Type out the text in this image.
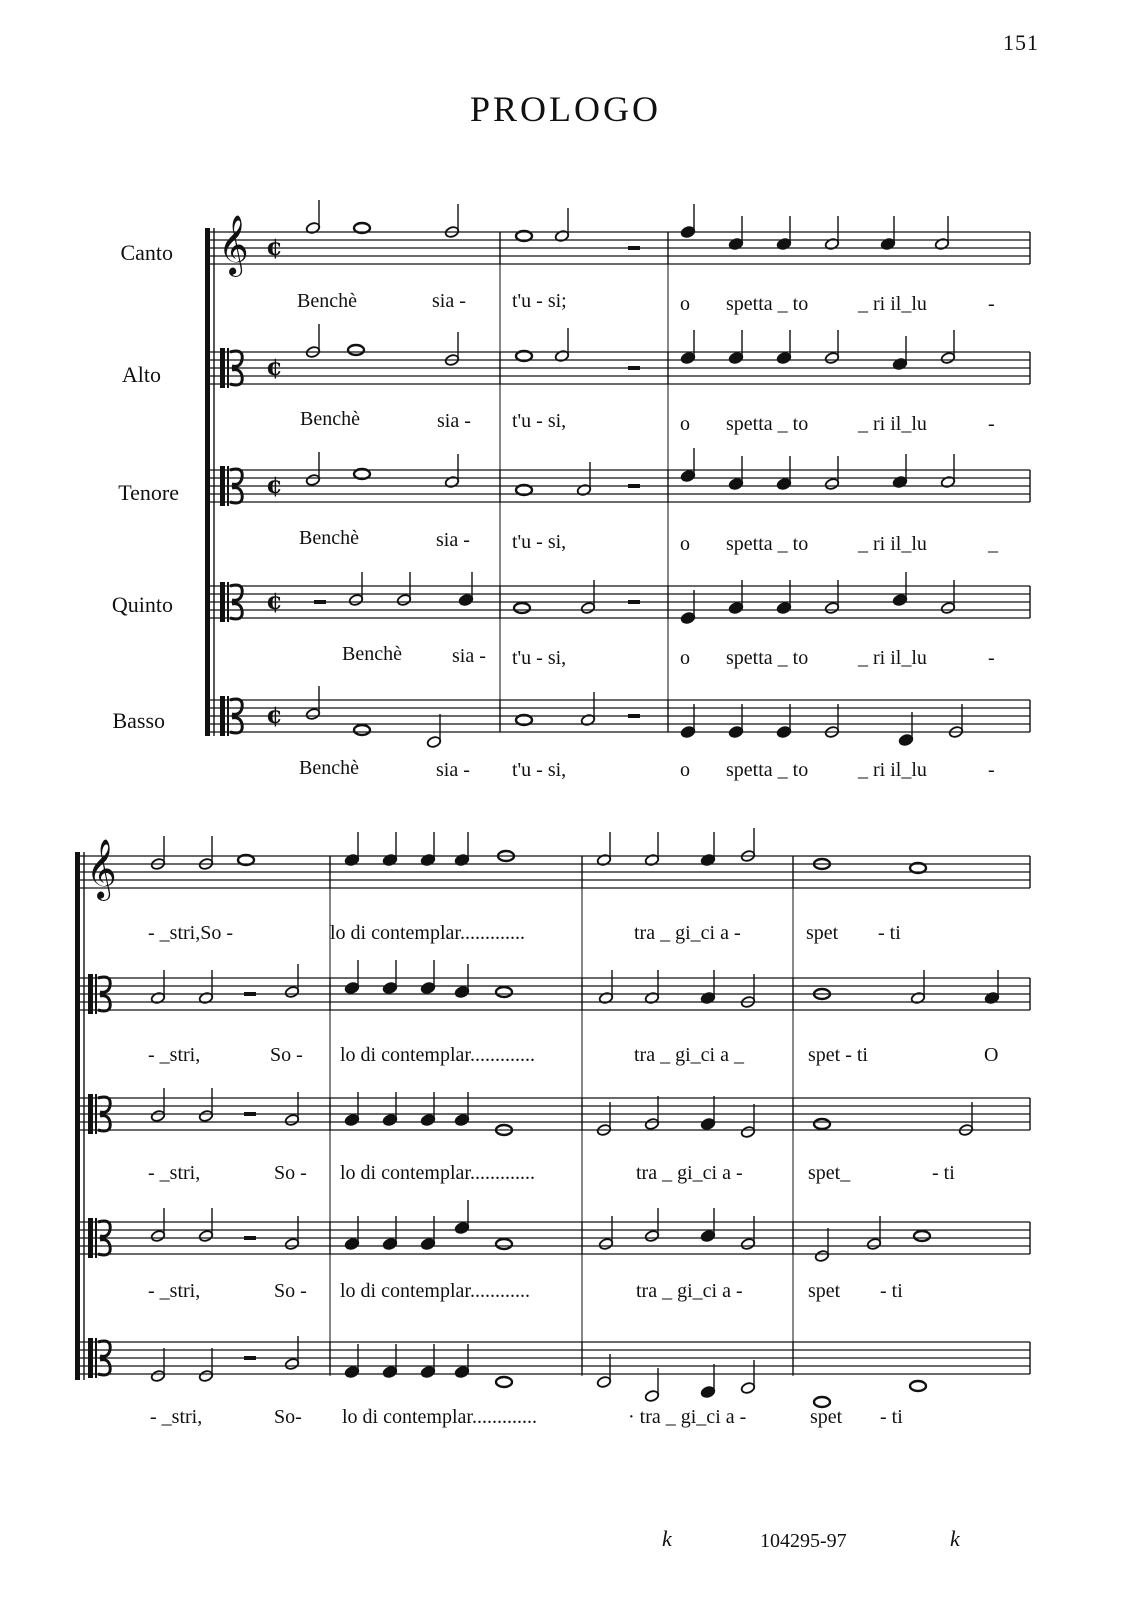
𝄞 ¢
¢
¢
¢
¢
𝄞
151
PROLOGO
Canto
Alto
Tenore
Quinto
Basso
Benchè	sia - t'u - si;	o spetta _ to _ ri il_lu	-
Benchè	sia - t'u - si,	o spetta _ to _ ri il_lu	-
Benchè	sia - t'u - si,	o spetta _ to _ ri il_lu	_
Benchè	sia - t'u - si,	o spetta _ to _ ri il_lu	-
Benchè	sia - t'u - si,	o spetta _ to _ ri il_lu	-
- _stri,So -	lo di contemplar.............	tra _ gi_ci a -	spet - ti
- _stri,	So - lo di contemplar.............	tra _ gi_ci a _	spet - ti	O
- _stri,	So - lo di contemplar.............	tra _ gi_ci a -	spet_	- ti
- _stri,	So - lo di contemplar............	tra _ gi_ci a -	spet - ti
- _stri,	So- lo di contemplar.............	· tra _ gi_ci a -	spet - ti
k	104295-97	k
